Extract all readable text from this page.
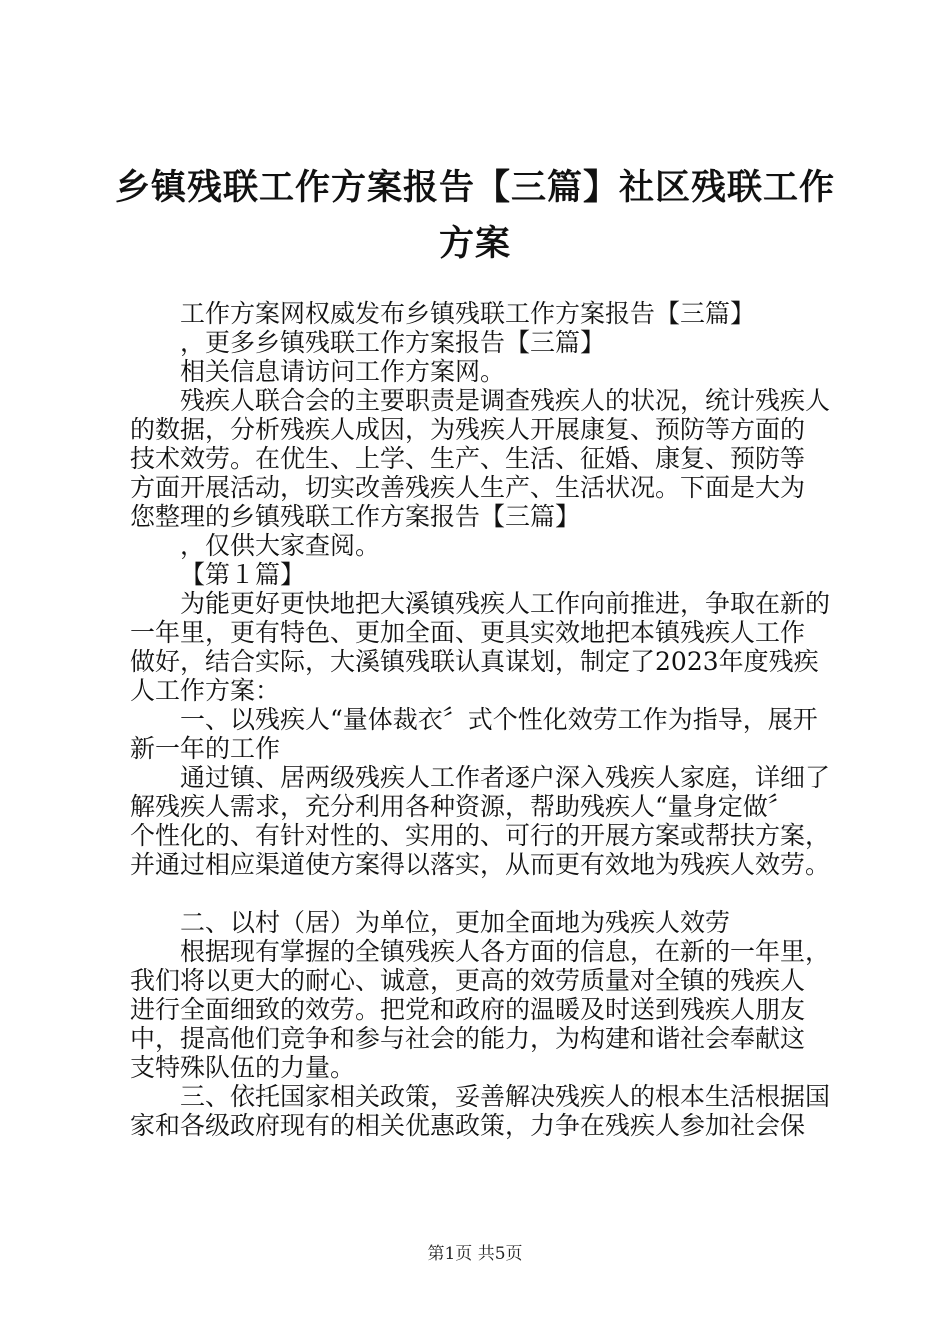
乡镇残联工作方案报告【三篇】社区残联工作方案
工作方案网权威发布乡镇残联工作方案报告【三篇】
，更多乡镇残联工作方案报告【三篇】
相关信息请访问工作方案网。
残疾人联合会的主要职责是调查残疾人的状况，统计残疾人
的数据，分析残疾人成因，为残疾人开展康复、预防等方面的
技术效劳。在优生、上学、生产、生活、征婚、康复、预防等
方面开展活动，切实改善残疾人生产、生活状况。下面是大为
您整理的乡镇残联工作方案报告【三篇】
，仅供大家查阅。
【第１篇】
为能更好更快地把大溪镇残疾人工作向前推进，争取在新的
一年里，更有特色、更加全面、更具实效地把本镇残疾人工作
做好，结合实际，大溪镇残联认真谋划，制定了2023年度残疾
人工作方案：
一、以残疾人“量体裁衣〞式个性化效劳工作为指导，展开
新一年的工作
通过镇、居两级残疾人工作者逐户深入残疾人家庭，详细了
解残疾人需求，充分利用各种资源，帮助残疾人“量身定做〞
个性化的、有针对性的、实用的、可行的开展方案或帮扶方案，
并通过相应渠道使方案得以落实，从而更有效地为残疾人效劳。
二、以村（居）为单位，更加全面地为残疾人效劳
根据现有掌握的全镇残疾人各方面的信息，在新的一年里，
我们将以更大的耐心、诚意，更高的效劳质量对全镇的残疾人
进行全面细致的效劳。把党和政府的温暖及时送到残疾人朋友
中，提高他们竞争和参与社会的能力，为构建和谐社会奉献这
支特殊队伍的力量。
三、依托国家相关政策，妥善解决残疾人的根本生活根据国
家和各级政府现有的相关优惠政策，力争在残疾人参加社会保
第1页 共5页
